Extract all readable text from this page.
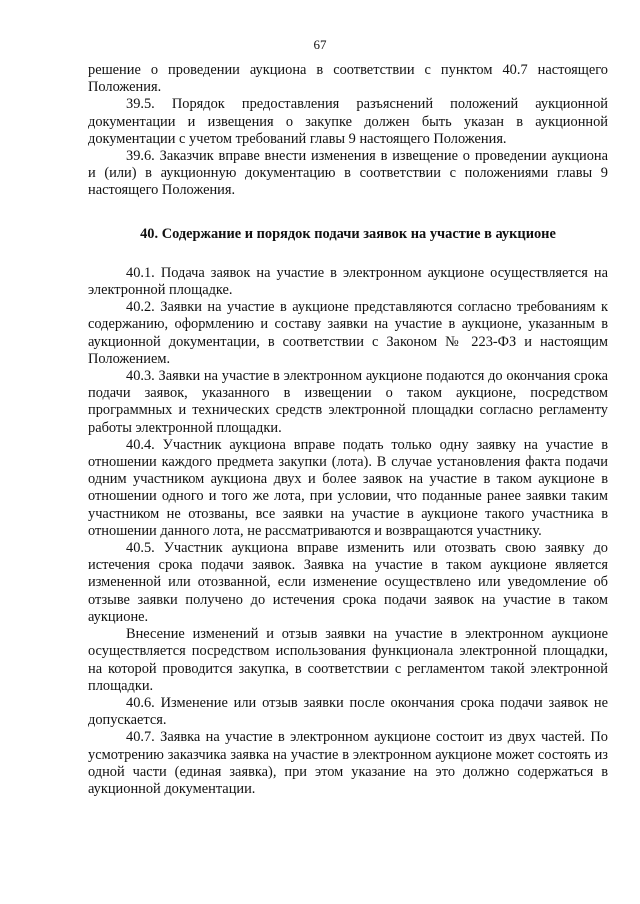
67

решение о проведении аукциона в соответствии с пунктом 40.7 настоящего Положения.

39.5. Порядок предоставления разъяснений положений аукционной документации и извещения о закупке должен быть указан в аукционной документации с учетом требований главы 9 настоящего Положения.

39.6. Заказчик вправе внести изменения в извещение о проведении аукциона и (или) в аукционную документацию в соответствии с положениями главы 9 настоящего Положения.

40. Содержание и порядок подачи заявок на участие в аукционе

40.1. Подача заявок на участие в электронном аукционе осуществляется на электронной площадке.

40.2. Заявки на участие в аукционе представляются согласно требованиям к содержанию, оформлению и составу заявки на участие в аукционе, указанным в аукционной документации, в соответствии с Законом № 223-ФЗ и настоящим Положением.

40.3. Заявки на участие в электронном аукционе подаются до окончания срока подачи заявок, указанного в извещении о таком аукционе, посредством программных и технических средств электронной площадки согласно регламенту работы электронной площадки.

40.4. Участник аукциона вправе подать только одну заявку на участие в отношении каждого предмета закупки (лота). В случае установления факта подачи одним участником аукциона двух и более заявок на участие в таком аукционе в отношении одного и того же лота, при условии, что поданные ранее заявки таким участником не отозваны, все заявки на участие в аукционе такого участника в отношении данного лота, не рассматриваются и возвращаются участнику.

40.5. Участник аукциона вправе изменить или отозвать свою заявку до истечения срока подачи заявок. Заявка на участие в таком аукционе является измененной или отозванной, если изменение осуществлено или уведомление об отзыве заявки получено до истечения срока подачи заявок на участие в таком аукционе.

Внесение изменений и отзыв заявки на участие в электронном аукционе осуществляется посредством использования функционала электронной площадки, на которой проводится закупка, в соответствии с регламентом такой электронной площадки.

40.6. Изменение или отзыв заявки после окончания срока подачи заявок не допускается.

40.7. Заявка на участие в электронном аукционе состоит из двух частей. По усмотрению заказчика заявка на участие в электронном аукционе может состоять из одной части (единая заявка), при этом указание на это должно содержаться в аукционной документации.
